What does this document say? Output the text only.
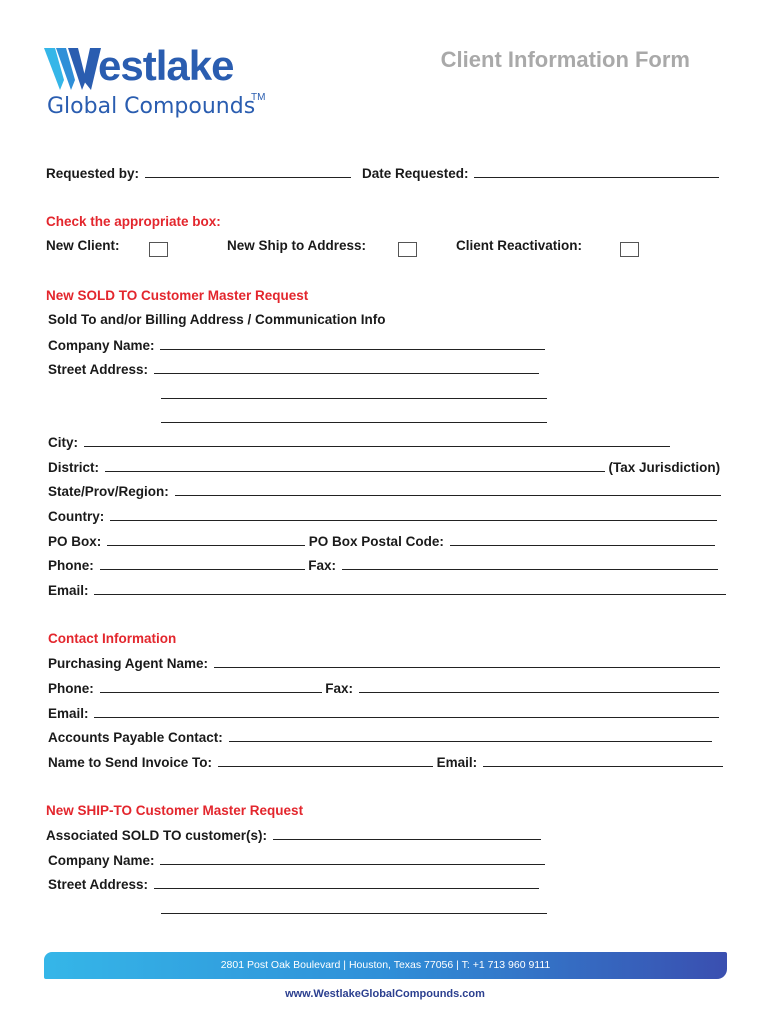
estlake
Global Compounds
TM
Client Information Form
Requested by:	Date Requested:
Check the appropriate box:
New Client:	New Ship to Address:	Client Reactivation:
New SOLD TO Customer Master Request
Sold To and/or Billing Address / Communication Info
Company Name:
Street Address:
City:
District:	(Tax Jurisdiction)
State/Prov/Region:
Country:
PO Box:	PO Box Postal Code:
Phone:	Fax:
Email:
Contact Information
Purchasing Agent Name:
Phone:	Fax:
Email:
Accounts Payable Contact:
Name to Send Invoice To:	Email:
New SHIP-TO Customer Master Request
Associated SOLD TO customer(s):
Company Name:
Street Address:
2801 Post Oak Boulevard | Houston, Texas 77056 | T: +1 713 960 9111
www.WestlakeGlobalCompounds.com
